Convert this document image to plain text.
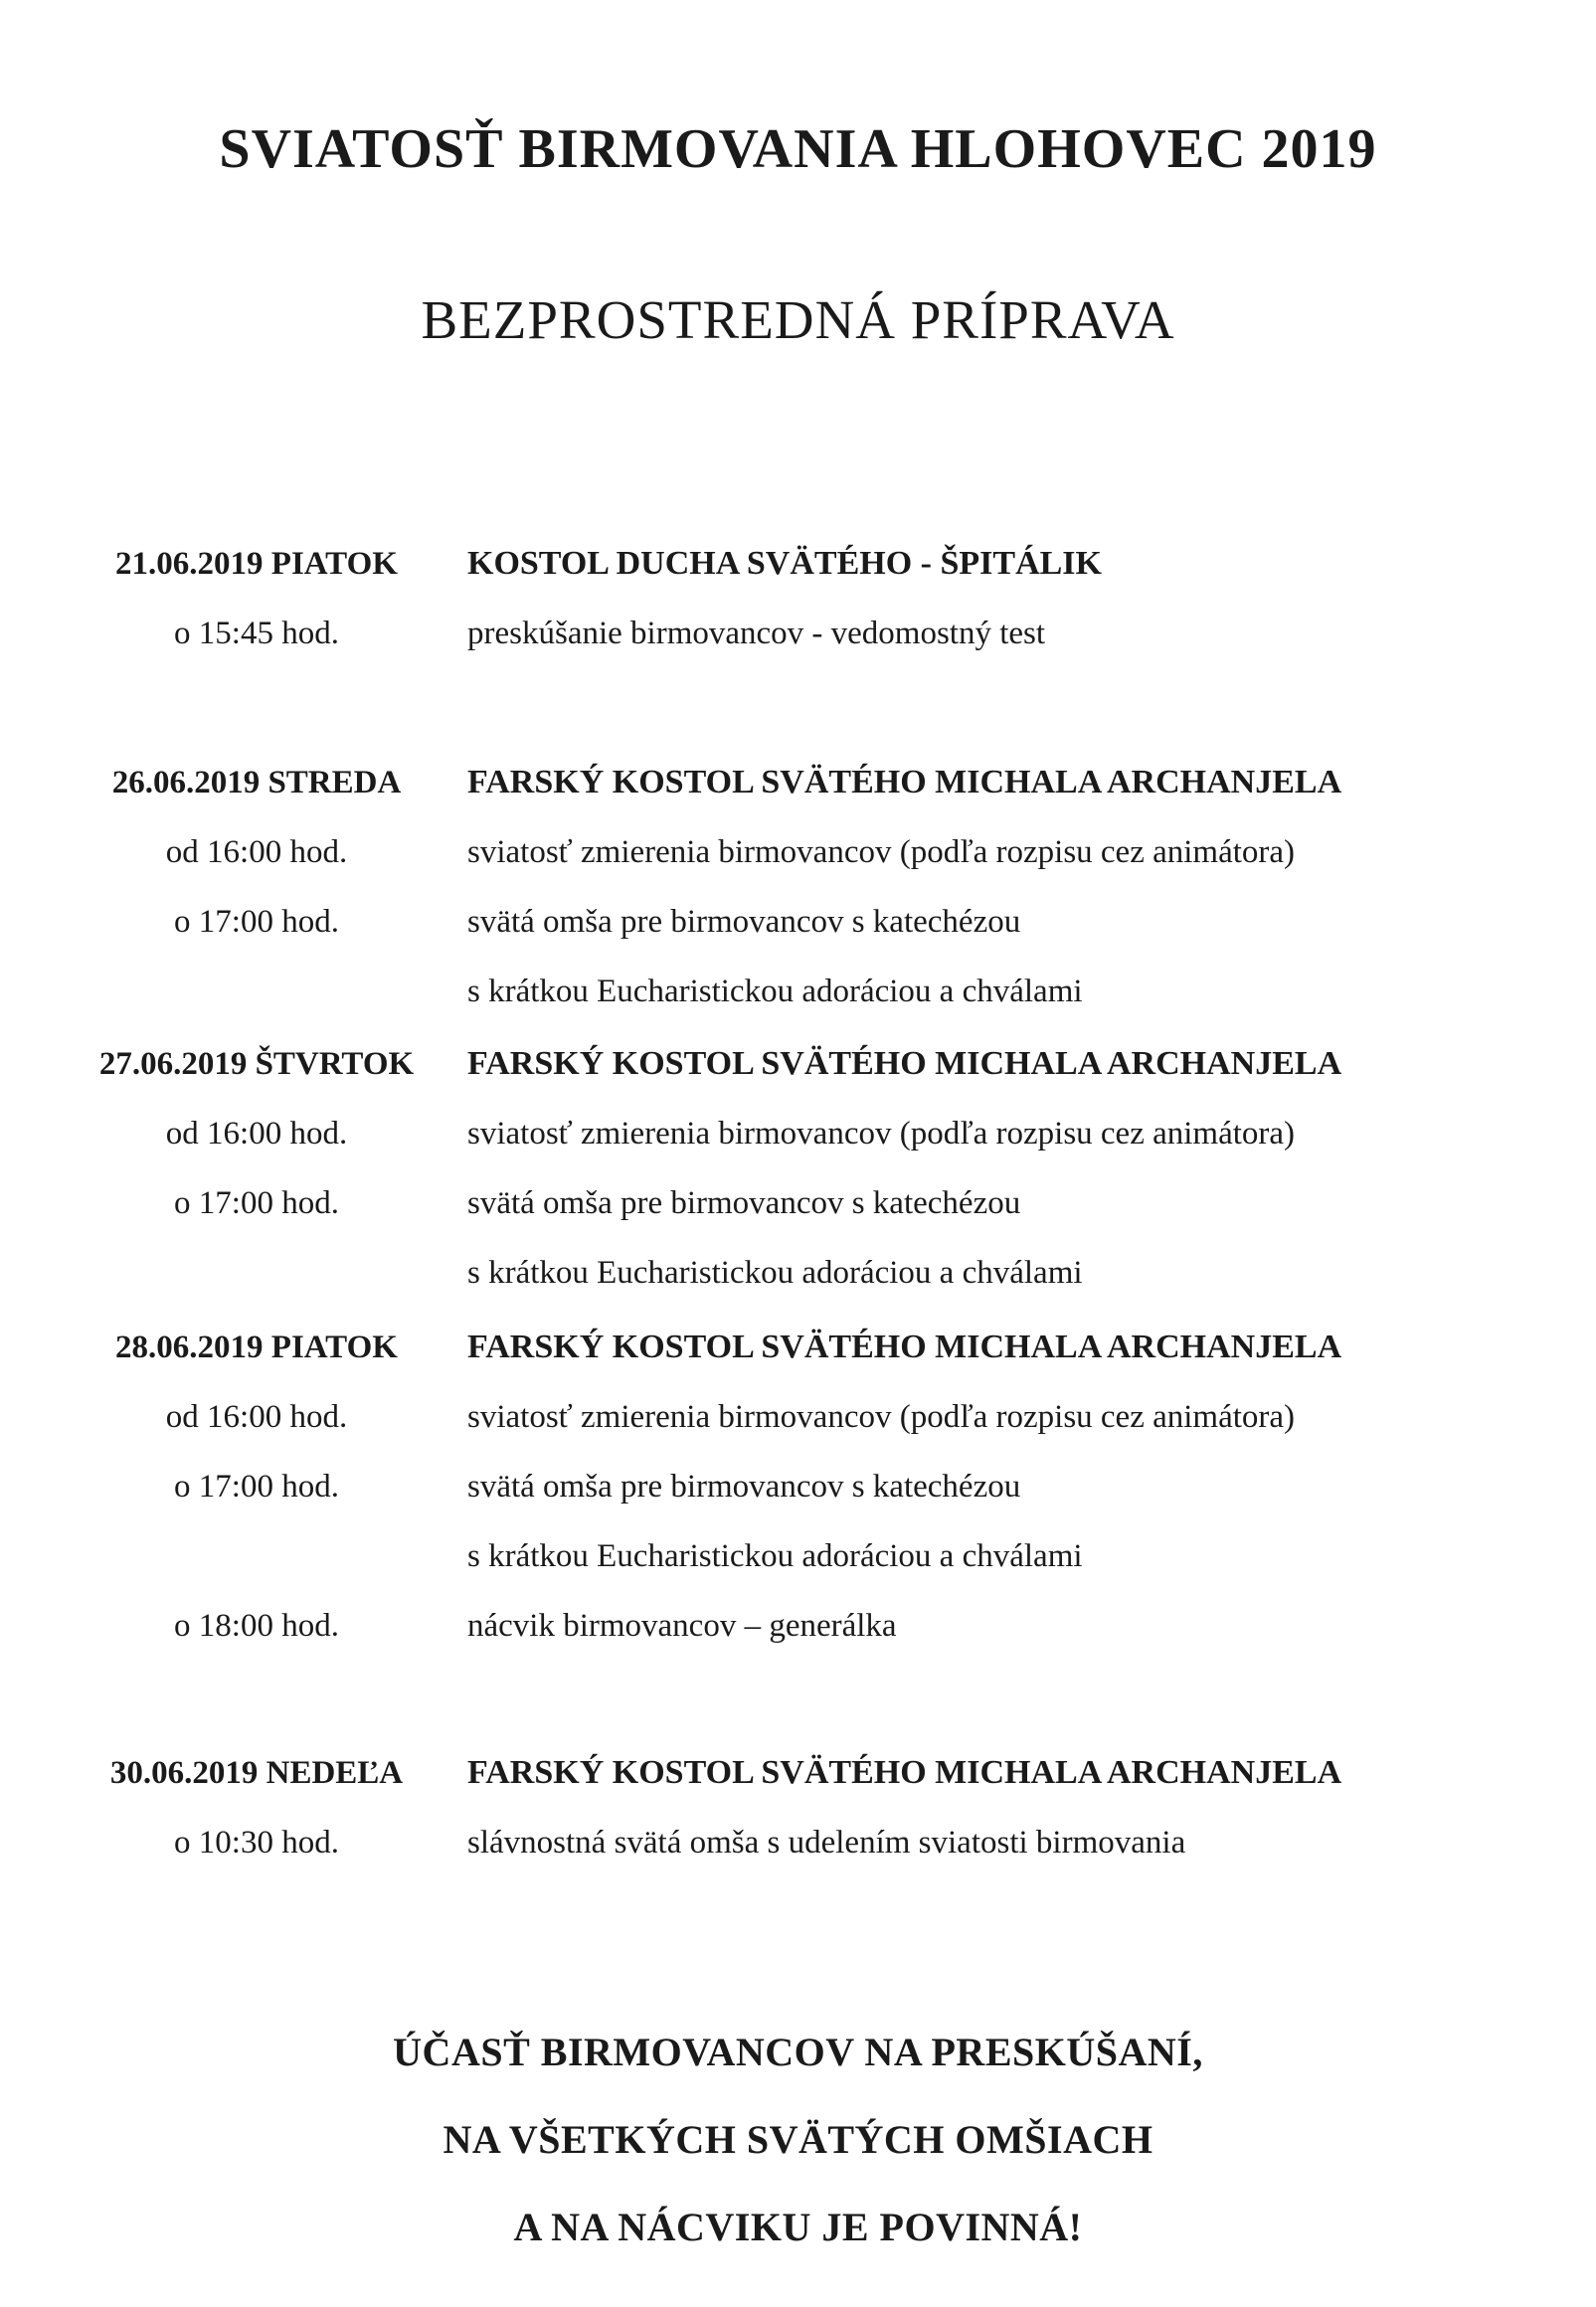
SVIATOSŤ BIRMOVANIA HLOHOVEC 2019
BEZPROSTREDNÁ PRÍPRAVA
21.06.2019 PIATOK	KOSTOL DUCHA SVÄTÉHO - ŠPITÁLIK
o 15:45 hod.	preskúšanie birmovancov - vedomostný test
26.06.2019 STREDA	FARSKÝ KOSTOL SVÄTÉHO MICHALA ARCHANJELA
od 16:00 hod.	sviatosť zmierenia birmovancov (podľa rozpisu cez animátora)
o 17:00 hod.	svätá omša pre birmovancov s katechézou
s krátkou Eucharistickou adoráciou a chválami
27.06.2019 ŠTVRTOK	FARSKÝ KOSTOL SVÄTÉHO MICHALA ARCHANJELA
od 16:00 hod.	sviatosť zmierenia birmovancov (podľa rozpisu cez animátora)
o 17:00 hod.	svätá omša pre birmovancov s katechézou
s krátkou Eucharistickou adoráciou a chválami
28.06.2019 PIATOK	FARSKÝ KOSTOL SVÄTÉHO MICHALA ARCHANJELA
od 16:00 hod.	sviatosť zmierenia birmovancov (podľa rozpisu cez animátora)
o 17:00 hod.	svätá omša pre birmovancov s katechézou
s krátkou Eucharistickou adoráciou a chválami
o 18:00 hod.	nácvik birmovancov – generálka
30.06.2019 NEDEĽA	FARSKÝ KOSTOL SVÄTÉHO MICHALA ARCHANJELA
o 10:30 hod.	slávnostná svätá omša s udelením sviatosti birmovania
ÚČASŤ BIRMOVANCOV NA PRESKÚŠANÍ,
NA VŠETKÝCH SVÄTÝCH OMŠIACH
A NA NÁCVIKU JE POVINNÁ!
